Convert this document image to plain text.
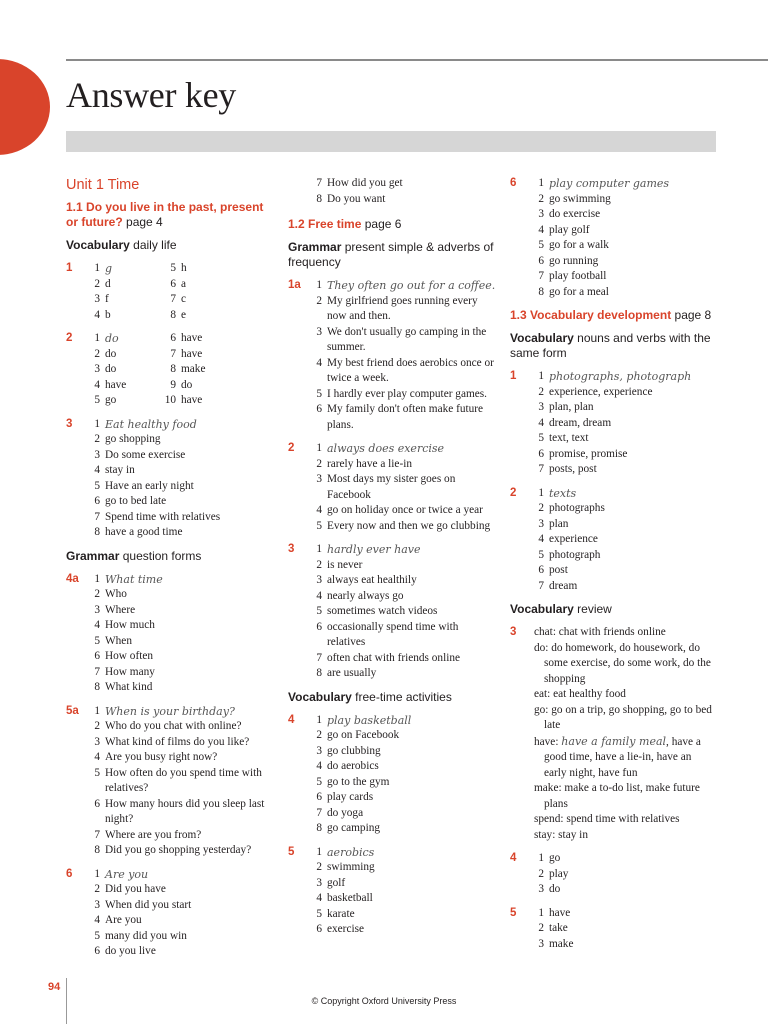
Answer key
Unit 1 Time
1.1 Do you live in the past, present or future? page 4
Vocabulary daily life
1	1 g
2 d
3 f
4 b
5 h
6 a
7 c
8 e
2	1 do
2 do
3 do
4 have
5 go
6 have
7 have
8 make
9 do
10 have
3	1 Eat healthy food
2 go shopping
3 Do some exercise
4 stay in
5 Have an early night
6 go to bed late
7 Spend time with relatives
8 have a good time
Grammar question forms
4a	1 What time
2 Who
3 Where
4 How much
5 When
6 How often
7 How many
8 What kind
5a	1 When is your birthday?
2 Who do you chat with online?
3 What kind of films do you like?
4 Are you busy right now?
5 How often do you spend time with relatives?
6 How many hours did you sleep last night?
7 Where are you from?
8 Did you go shopping yesterday?
6	1 Are you
2 Did you have
3 When did you start
4 Are you
5 many did you win
6 do you live
7 How did you get
8 Do you want
1.2 Free time page 6
Grammar present simple & adverbs of frequency
1a	1 They often go out for a coffee.
2 My girlfriend goes running every now and then.
3 We don't usually go camping in the summer.
4 My best friend does aerobics once or twice a week.
5 I hardly ever play computer games.
6 My family don't often make future plans.
2	1 always does exercise
2 rarely have a lie-in
3 Most days my sister goes on Facebook
4 go on holiday once or twice a year
5 Every now and then we go clubbing
3	1 hardly ever have
2 is never
3 always eat healthily
4 nearly always go
5 sometimes watch videos
6 occasionally spend time with relatives
7 often chat with friends online
8 are usually
Vocabulary free-time activities
4	1 play basketball
2 go on Facebook
3 go clubbing
4 do aerobics
5 go to the gym
6 play cards
7 do yoga
8 go camping
5	1 aerobics
2 swimming
3 golf
4 basketball
5 karate
6 exercise
6	1 play computer games
2 go swimming
3 do exercise
4 play golf
5 go for a walk
6 go running
7 play football
8 go for a meal
1.3 Vocabulary development page 8
Vocabulary nouns and verbs with the same form
1	1 photographs, photograph
2 experience, experience
3 plan, plan
4 dream, dream
5 text, text
6 promise, promise
7 posts, post
2	1 texts
2 photographs
3 plan
4 experience
5 photograph
6 post
7 dream
Vocabulary review
3 chat: chat with friends online
do: do homework, do housework, do some exercise, do some work, do the shopping
eat: eat healthy food
go: go on a trip, go shopping, go to bed late
have: have a family meal, have a good time, have a lie-in, have an early night, have fun
make: make a to-do list, make future plans
spend: spend time with relatives
stay: stay in
4	1 go
2 play
3 do
5	1 have
2 take
3 make
94
© Copyright Oxford University Press
